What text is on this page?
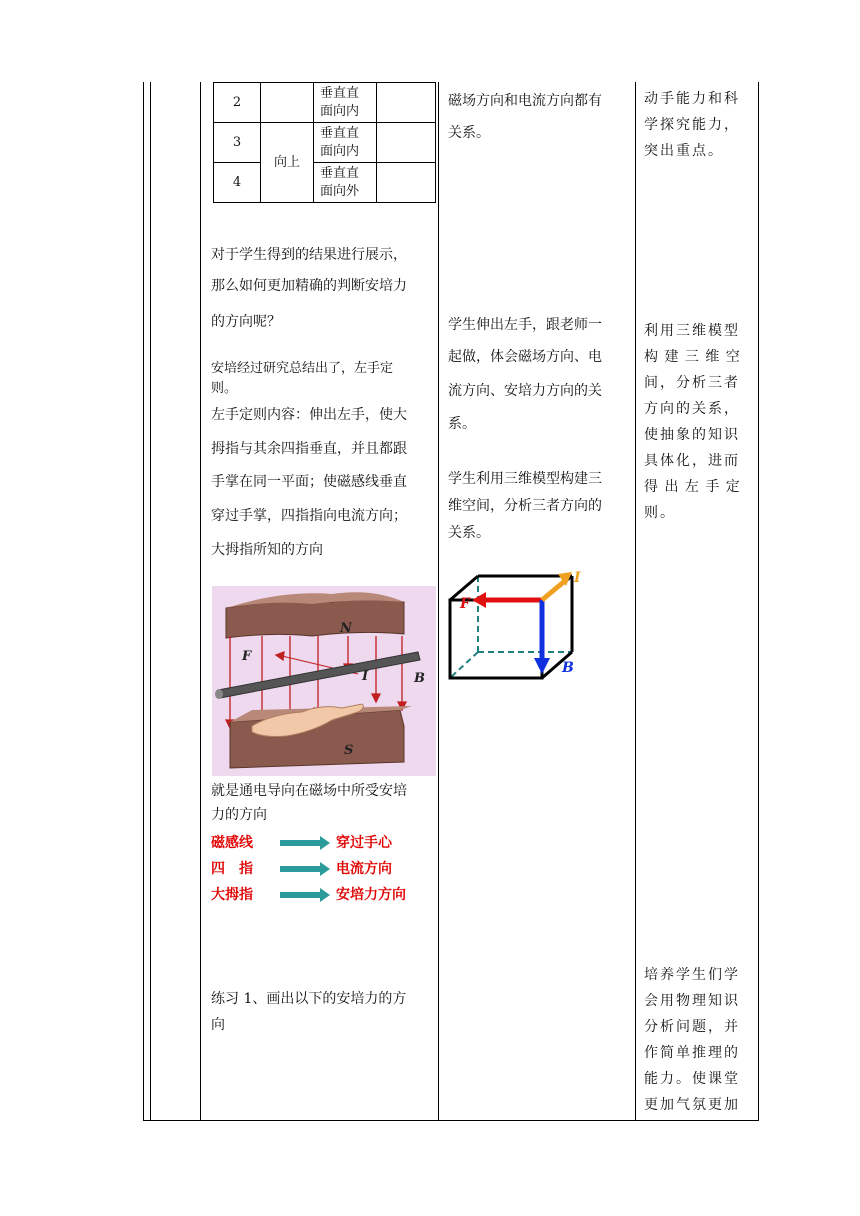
2		垂直直
面向内	
3	向上	垂直直
面向内	
4		垂直直
面向外	
对于学生得到的结果进行展示，
那么如何更加精确的判断安培力
的方向呢？
安培经过研究总结出了，左手定
则。
左手定则内容：伸出左手，使大
拇指与其余四指垂直，并且都跟
手掌在同一平面；使磁感线垂直
穿过手掌，四指指向电流方向；
大拇指所知的方向
N
F
I	B
S
就是通电导向在磁场中所受安培
力的方向
磁感线	穿过手心
四　指	电流方向
大拇指	安培力方向
练习 1、画出以下的安培力的方
向
磁场方向和电流方向都有
关系。
学生伸出左手，跟老师一
起做，体会磁场方向、电
流方向、安培力方向的关
系。
学生利用三维模型构建三
维空间，分析三者方向的
关系。
F
I
B
动手能力和科
学探究能力，
突出重点。
利用三维模型
构 建 三 维 空
间，分析三者
方向的关系，
使抽象的知识
具体化，进而
得 出 左 手 定
则。
培养学生们学
会用物理知识
分析问题，并
作简单推理的
能力。使课堂
更加气氛更加
